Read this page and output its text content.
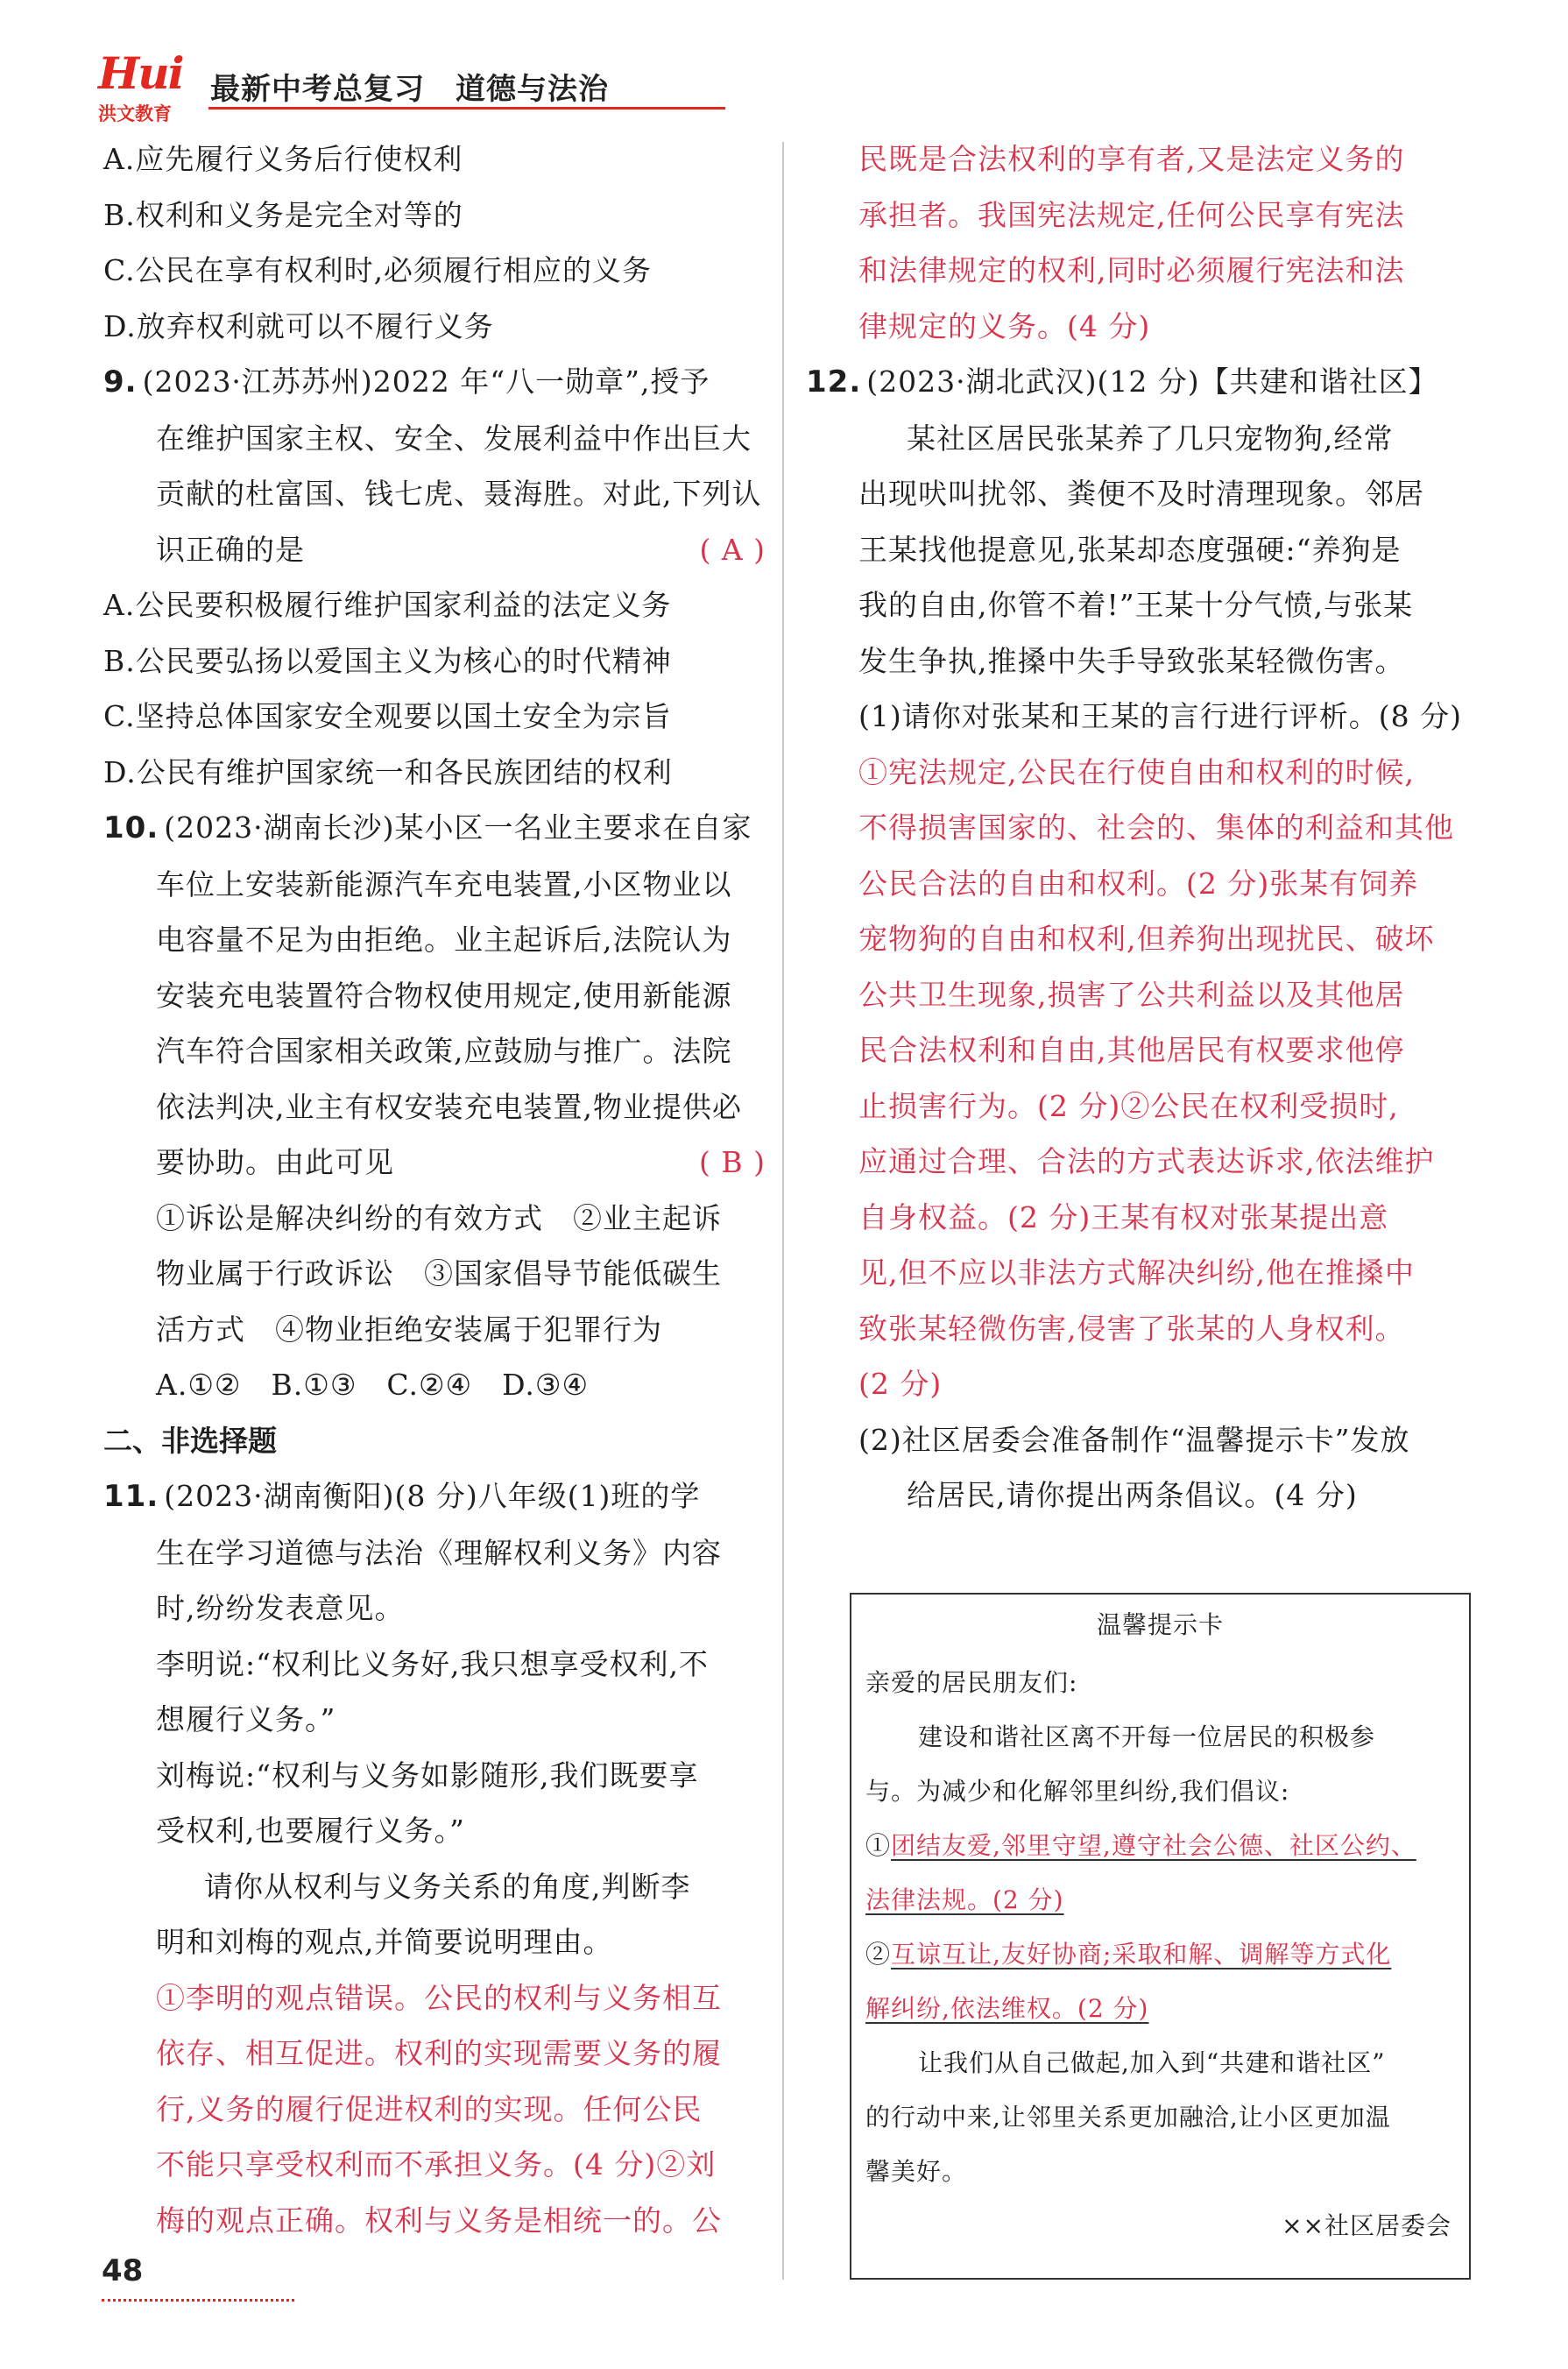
Hui
洪文教育
最新中考总复习　道德与法治
A.应先履行义务后行使权利
B.权利和义务是完全对等的
C.公民在享有权利时,必须履行相应的义务
D.放弃权利就可以不履行义务
9. (2023·江苏苏州)2022 年“八一勋章”,授予
在维护国家主权、安全、发展利益中作出巨大
贡献的杜富国、钱七虎、聂海胜。对此,下列认
识正确的是	( A )
A.公民要积极履行维护国家利益的法定义务
B.公民要弘扬以爱国主义为核心的时代精神
C.坚持总体国家安全观要以国土安全为宗旨
D.公民有维护国家统一和各民族团结的权利
10. (2023·湖南长沙)某小区一名业主要求在自家
车位上安装新能源汽车充电装置,小区物业以
电容量不足为由拒绝。业主起诉后,法院认为
安装充电装置符合物权使用规定,使用新能源
汽车符合国家相关政策,应鼓励与推广。法院
依法判决,业主有权安装充电装置,物业提供必
要协助。由此可见	( B )
①诉讼是解决纠纷的有效方式　②业主起诉
物业属于行政诉讼　③国家倡导节能低碳生
活方式　④物业拒绝安装属于犯罪行为
A.①②　B.①③　C.②④　D.③④
二、非选择题
11. (2023·湖南衡阳)(8 分)八年级(1)班的学
生在学习道德与法治《理解权利义务》内容
时,纷纷发表意见。
李明说:“权利比义务好,我只想享受权利,不
想履行义务。”
刘梅说:“权利与义务如影随形,我们既要享
受权利,也要履行义务。”
请你从权利与义务关系的角度,判断李
明和刘梅的观点,并简要说明理由。
①李明的观点错误。公民的权利与义务相互
依存、相互促进。权利的实现需要义务的履
行,义务的履行促进权利的实现。任何公民
不能只享受权利而不承担义务。(4 分)②刘
梅的观点正确。权利与义务是相统一的。公
民既是合法权利的享有者,又是法定义务的
承担者。我国宪法规定,任何公民享有宪法
和法律规定的权利,同时必须履行宪法和法
律规定的义务。(4 分)
12. (2023·湖北武汉)(12 分)【共建和谐社区】
某社区居民张某养了几只宠物狗,经常
出现吠叫扰邻、粪便不及时清理现象。邻居
王某找他提意见,张某却态度强硬:“养狗是
我的自由,你管不着!”王某十分气愤,与张某
发生争执,推搡中失手导致张某轻微伤害。
(1)请你对张某和王某的言行进行评析。(8 分)
①宪法规定,公民在行使自由和权利的时候,
不得损害国家的、社会的、集体的利益和其他
公民合法的自由和权利。(2 分)张某有饲养
宠物狗的自由和权利,但养狗出现扰民、破坏
公共卫生现象,损害了公共利益以及其他居
民合法权利和自由,其他居民有权要求他停
止损害行为。(2 分)②公民在权利受损时,
应通过合理、合法的方式表达诉求,依法维护
自身权益。(2 分)王某有权对张某提出意
见,但不应以非法方式解决纠纷,他在推搡中
致张某轻微伤害,侵害了张某的人身权利。
(2 分)
(2)社区居委会准备制作“温馨提示卡”发放
给居民,请你提出两条倡议。(4 分)
温馨提示卡
亲爱的居民朋友们:
建设和谐社区离不开每一位居民的积极参
与。为减少和化解邻里纠纷,我们倡议:
①团结友爱,邻里守望,遵守社会公德、社区公约、
法律法规。(2 分)
②互谅互让,友好协商;采取和解、调解等方式化
解纠纷,依法维权。(2 分)
让我们从自己做起,加入到“共建和谐社区”
的行动中来,让邻里关系更加融洽,让小区更加温
馨美好。
××社区居委会
48
